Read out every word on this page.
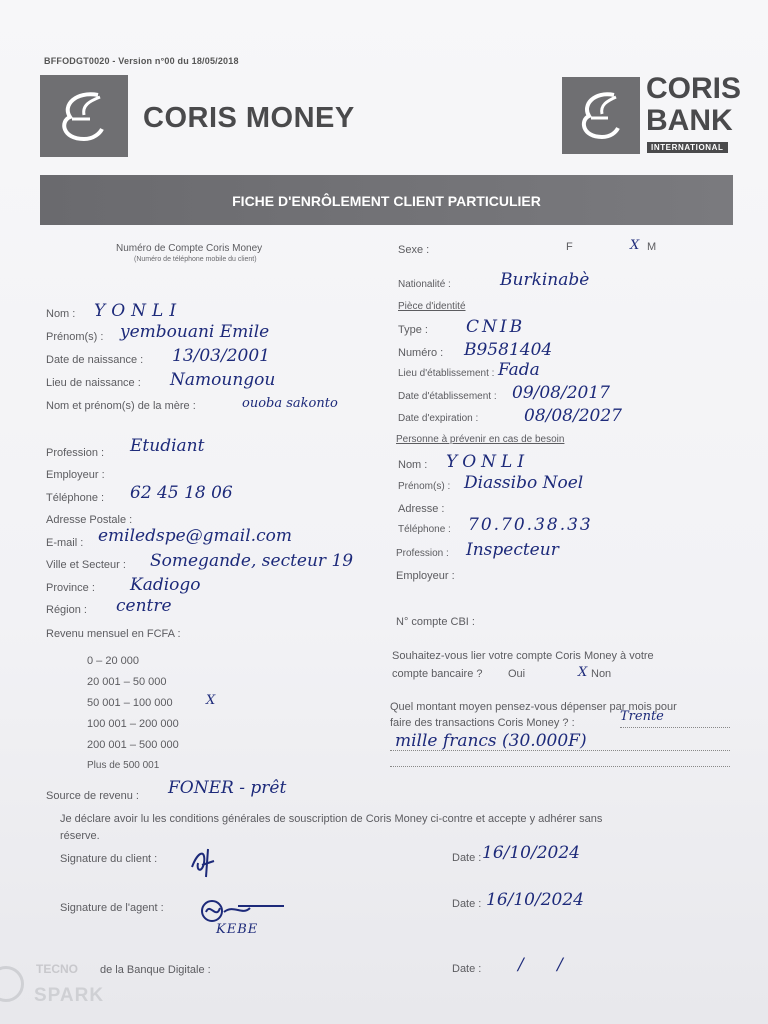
BFFODGT0020 - Version n°00 du 18/05/2018
CORIS MONEY
CORIS
BANK
INTERNATIONAL
FICHE D'ENRÔLEMENT CLIENT PARTICULIER
Numéro de Compte Coris Money
(Numéro de téléphone mobile du client)
Nom : YONLI
Prénom(s) : yembouani Emile
Date de naissance : 13/03/2001
Lieu de naissance : Namoungou
Nom et prénom(s) de la mère :	ouoba sakonto
Profession : Etudiant
Employeur :
Téléphone : 62 45 18 06
Adresse Postale :
E-mail : emiledspe@gmail.com
Ville et Secteur : Somegande, secteur 19
Province : Kadiogo
Région : centre
Revenu mensuel en FCFA :
0 – 20 000
20 001 – 50 000
50 001 – 100 000	X
100 001 – 200 000
200 001 – 500 000
Plus de 500 001
Source de revenu : FONER - prêt
Sexe :	F	X M
Nationalité :	Burkinabè
Pièce d'identité
Type : CNIB
Numéro : B9581404
Lieu d'établissement : Fada
Date d'établissement : 09/08/2017
Date d'expiration :	08/08/2027
Personne à prévenir en cas de besoin
Nom : YONLI
Prénom(s) : Diassibo Noel
Adresse :
Téléphone : 70.70.38.33
Profession : Inspecteur
Employeur :
N° compte CBI :
Souhaitez-vous lier votre compte Coris Money à votre
compte bancaire ? Oui	X Non
Quel montant moyen pensez-vous dépenser par mois pour
faire des transactions Coris Money ? :	Trente
mille francs (30.000F)
Je déclare avoir lu les conditions générales de souscription de Coris Money ci-contre et accepte y adhérer sans
réserve.
Signature du client :	Date : 16/10/2024
Signature de l'agent :
KEBE
Date : 16/10/2024
de la Banque Digitale :	Date : / /
TECNO
SPARK
